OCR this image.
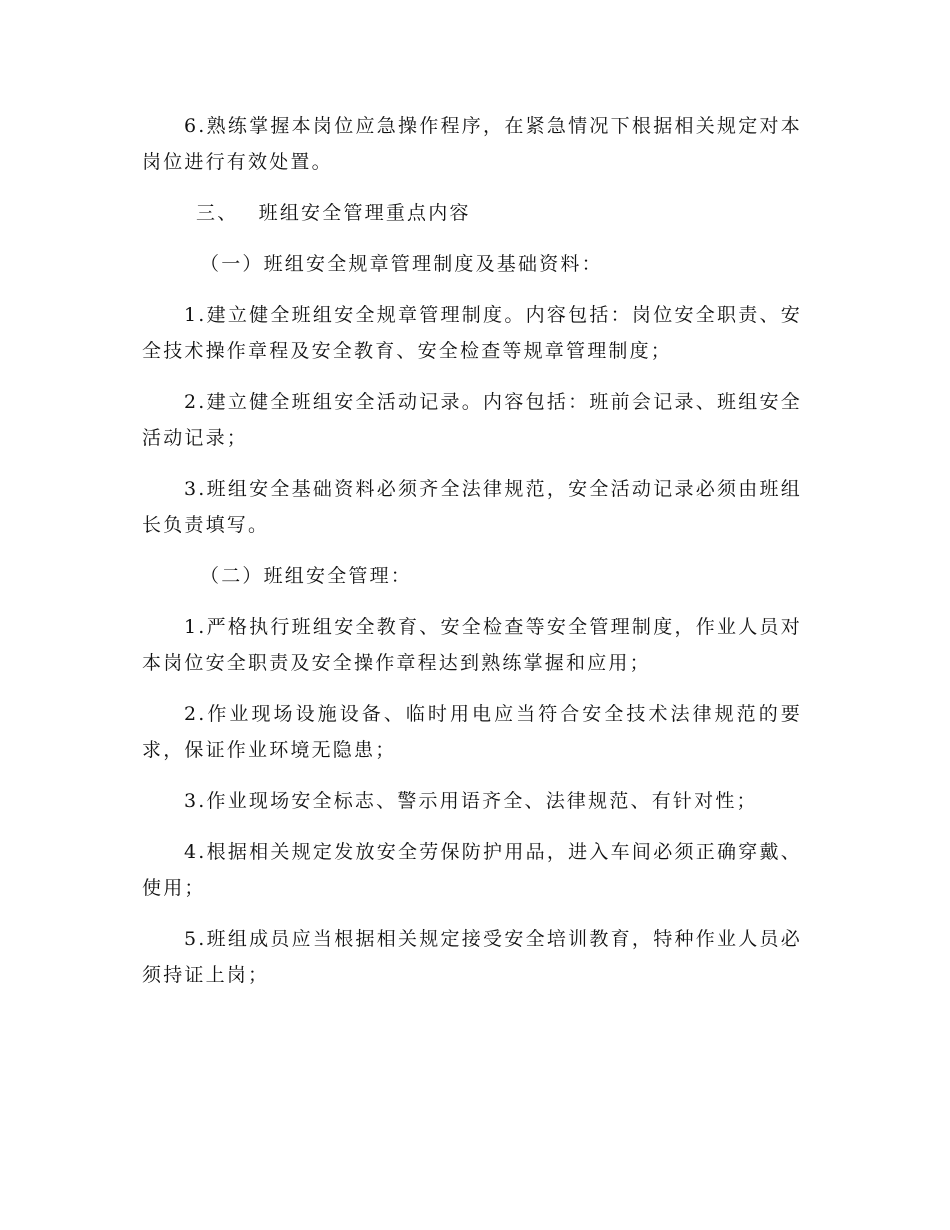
6.熟练掌握本岗位应急操作程序，在紧急情况下根据相关规定对本岗位进行有效处置。

三、 班组安全管理重点内容

（一）班组安全规章管理制度及基础资料：

1.建立健全班组安全规章管理制度。内容包括：岗位安全职责、安全技术操作章程及安全教育、安全检查等规章管理制度；

2.建立健全班组安全活动记录。内容包括：班前会记录、班组安全活动记录；

3.班组安全基础资料必须齐全法律规范，安全活动记录必须由班组长负责填写。

（二）班组安全管理：

1.严格执行班组安全教育、安全检查等安全管理制度，作业人员对本岗位安全职责及安全操作章程达到熟练掌握和应用；

2.作业现场设施设备、临时用电应当符合安全技术法律规范的要求，保证作业环境无隐患；

3.作业现场安全标志、警示用语齐全、法律规范、有针对性；

4.根据相关规定发放安全劳保防护用品，进入车间必须正确穿戴、使用；

5.班组成员应当根据相关规定接受安全培训教育，特种作业人员必须持证上岗；
